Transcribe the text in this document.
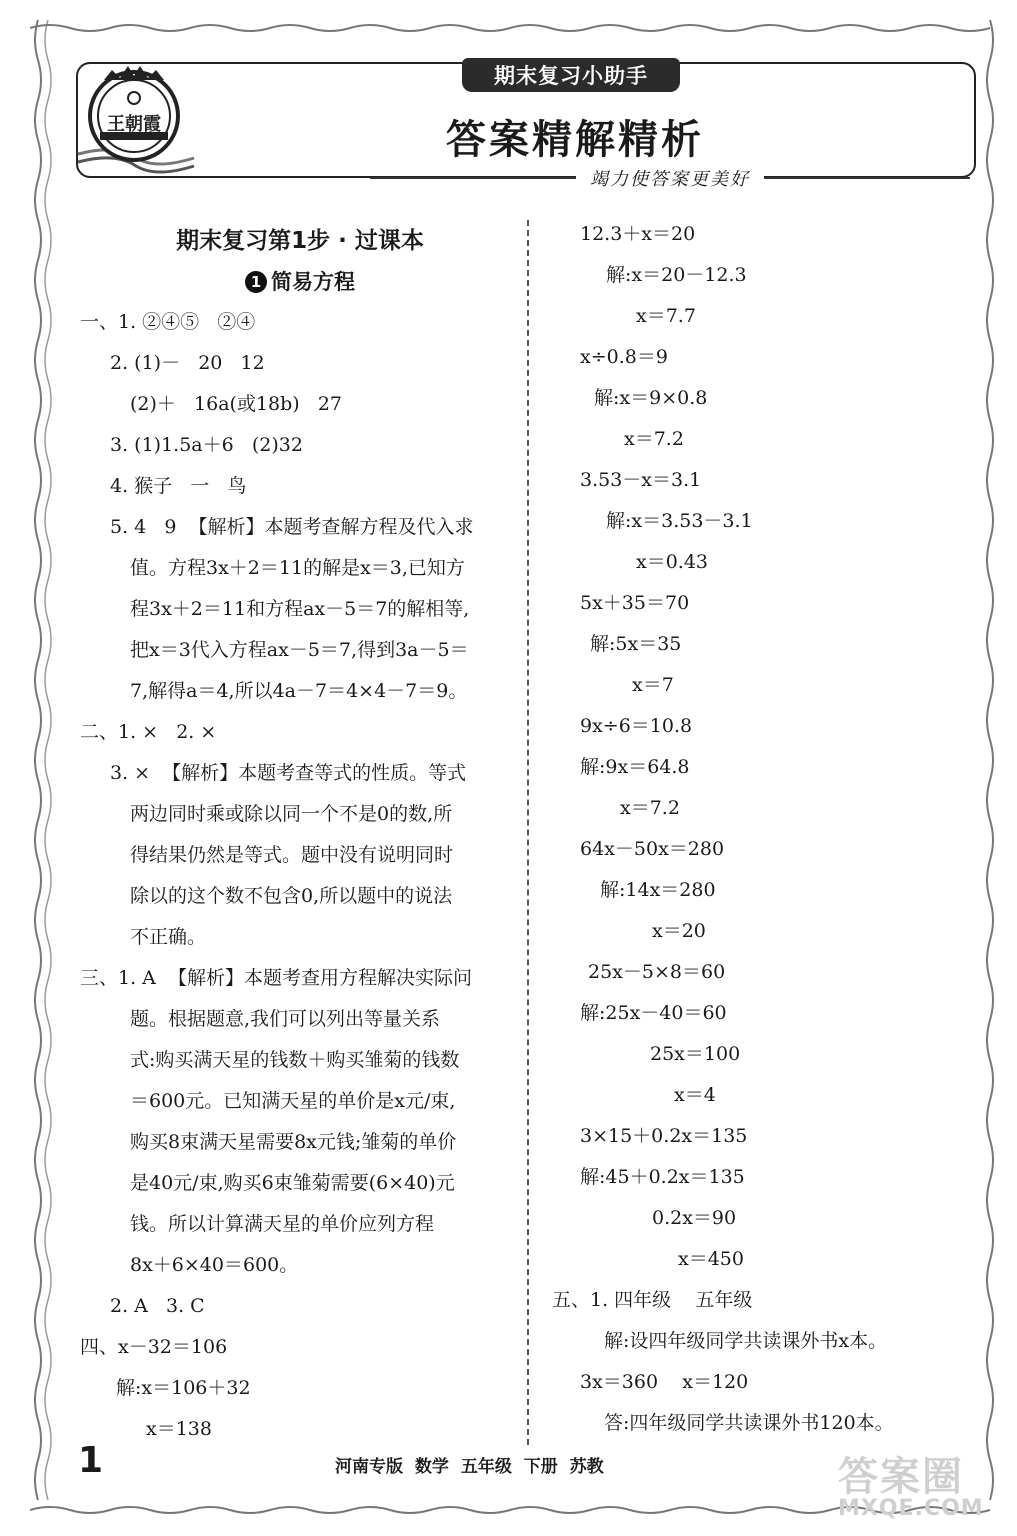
期末复习小助手
答案精解精析
竭力使答案更美好
王朝霞
期末复习第1步 · 过课本
1 简易方程
一、1. ②④⑤   ②④
2. (1)－   20   12
(2)＋   16a(或18b)   27
3. (1)1.5a＋6   (2)32
4. 猴子   一   鸟
5. 4   9  【解析】本题考查解方程及代入求
值。方程3x＋2＝11的解是x＝3,已知方
程3x＋2＝11和方程ax－5＝7的解相等,
把x＝3代入方程ax－5＝7,得到3a－5＝
7,解得a＝4,所以4a－7＝4×4－7＝9。
二、1. ×   2. ×
3. ×  【解析】本题考查等式的性质。等式
两边同时乘或除以同一个不是0的数,所
得结果仍然是等式。题中没有说明同时
除以的这个数不包含0,所以题中的说法
不正确。
三、1. A  【解析】本题考查用方程解决实际问
题。根据题意,我们可以列出等量关系
式:购买满天星的钱数＋购买雏菊的钱数
＝600元。已知满天星的单价是x元/束,
购买8束满天星需要8x元钱;雏菊的单价
是40元/束,购买6束雏菊需要(6×40)元
钱。所以计算满天星的单价应列方程
8x＋6×40＝600。
2. A   3. C
四、x－32＝106
解:x＝106＋32
x＝138
12.3＋x＝20
解:x＝20－12.3
x＝7.7
x÷0.8＝9
解:x＝9×0.8
x＝7.2
3.53－x＝3.1
解:x＝3.53－3.1
x＝0.43
5x＋35＝70
解:5x＝35
x＝7
9x÷6＝10.8
解:9x＝64.8
x＝7.2
64x－50x＝280
解:14x＝280
x＝20
25x－5×8＝60
解:25x－40＝60
25x＝100
x＝4
3×15＋0.2x＝135
解:45＋0.2x＝135
0.2x＝90
x＝450
五、1. 四年级    五年级
解:设四年级同学共读课外书x本。
3x＝360    x＝120
答:四年级同学共读课外书120本。
1	河南专版 数学 五年级 下册 苏教	答案圈
MXQE.COM
